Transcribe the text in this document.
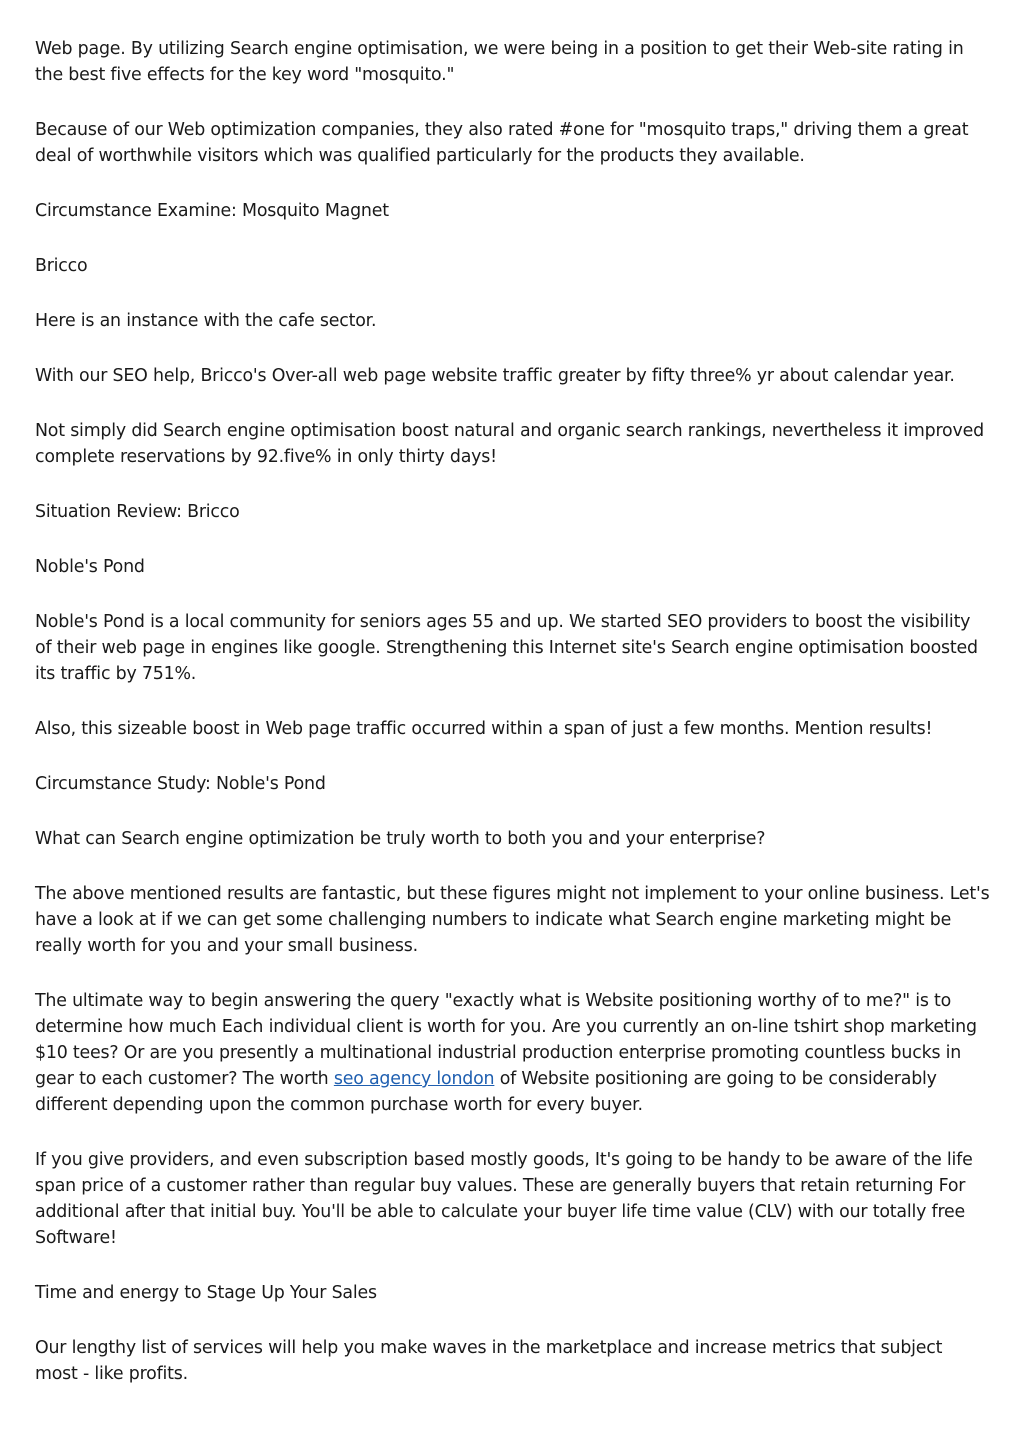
Web page. By utilizing Search engine optimisation, we were being in a position to get their Web-site rating in the best five effects for the key word "mosquito."

Because of our Web optimization companies, they also rated #one for "mosquito traps," driving them a great deal of worthwhile visitors which was qualified particularly for the products they available.

Circumstance Examine: Mosquito Magnet

Bricco

Here is an instance with the cafe sector.

With our SEO help, Bricco's Over-all web page website traffic greater by fifty three% yr about calendar year.

Not simply did Search engine optimisation boost natural and organic search rankings, nevertheless it improved complete reservations by 92.five% in only thirty days!

Situation Review: Bricco

Noble's Pond

Noble's Pond is a local community for seniors ages 55 and up. We started SEO providers to boost the visibility of their web page in engines like google. Strengthening this Internet site's Search engine optimisation boosted its traffic by 751%.

Also, this sizeable boost in Web page traffic occurred within a span of just a few months. Mention results!

Circumstance Study: Noble's Pond

What can Search engine optimization be truly worth to both you and your enterprise?

The above mentioned results are fantastic, but these figures might not implement to your online business. Let's have a look at if we can get some challenging numbers to indicate what Search engine marketing might be really worth for you and your small business.

The ultimate way to begin answering the query "exactly what is Website positioning worthy of to me?" is to determine how much Each individual client is worth for you. Are you currently an on-line tshirt shop marketing $10 tees? Or are you presently a multinational industrial production enterprise promoting countless bucks in gear to each customer? The worth seo agency london of Website positioning are going to be considerably different depending upon the common purchase worth for every buyer.

If you give providers, and even subscription based mostly goods, It's going to be handy to be aware of the life span price of a customer rather than regular buy values. These are generally buyers that retain returning For additional after that initial buy. You'll be able to calculate your buyer life time value (CLV) with our totally free Software!

Time and energy to Stage Up Your Sales

Our lengthy list of services will help you make waves in the marketplace and increase metrics that subject most - like profits.
